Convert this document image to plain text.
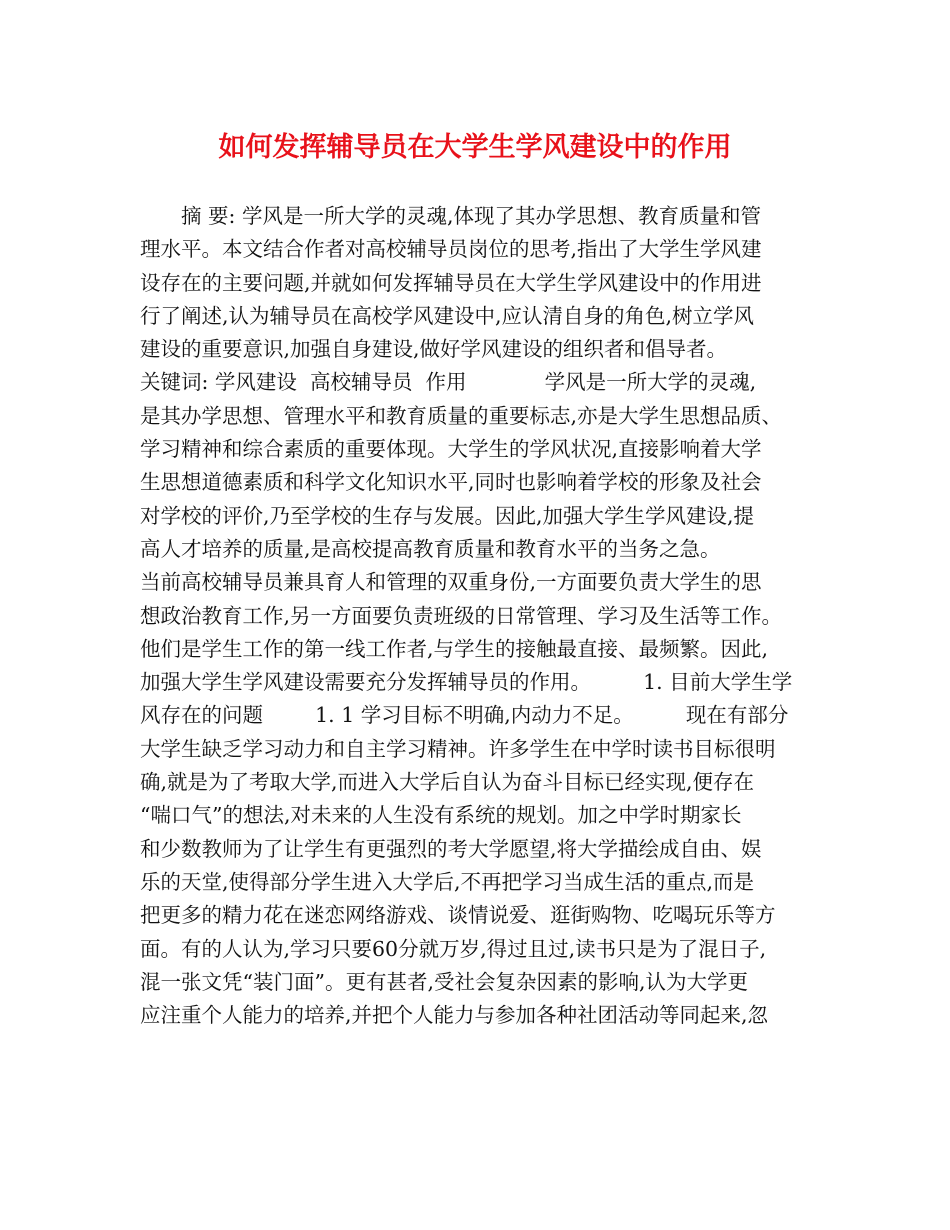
如何发挥辅导员在大学生学风建设中的作用
　　摘 要: 学风是一所大学的灵魂,体现了其办学思想、教育质量和管
理水平。本文结合作者对高校辅导员岗位的思考,指出了大学生学风建
设存在的主要问题,并就如何发挥辅导员在大学生学风建设中的作用进
行了阐述,认为辅导员在高校学风建设中,应认清自身的角色,树立学风
建设的重要意识,加强自身建设,做好学风建设的组织者和倡导者。
关键词: 学风建设  高校辅导员  作用            学风是一所大学的灵魂,
是其办学思想、管理水平和教育质量的重要标志,亦是大学生思想品质、
学习精神和综合素质的重要体现。大学生的学风状况,直接影响着大学
生思想道德素质和科学文化知识水平,同时也影响着学校的形象及社会
对学校的评价,乃至学校的生存与发展。因此,加强大学生学风建设,提
高人才培养的质量,是高校提高教育质量和教育水平的当务之急。
当前高校辅导员兼具育人和管理的双重身份,一方面要负责大学生的思
想政治教育工作,另一方面要负责班级的日常管理、学习及生活等工作。
他们是学生工作的第一线工作者,与学生的接触最直接、最频繁。因此,
加强大学生学风建设需要充分发挥辅导员的作用。        1. 目前大学生学
风存在的问题        1. 1 学习目标不明确,内动力不足。        现在有部分
大学生缺乏学习动力和自主学习精神。许多学生在中学时读书目标很明
确,就是为了考取大学,而进入大学后自认为奋斗目标已经实现,便存在
“喘口气”的想法,对未来的人生没有系统的规划。加之中学时期家长
和少数教师为了让学生有更强烈的考大学愿望,将大学描绘成自由、娱
乐的天堂,使得部分学生进入大学后,不再把学习当成生活的重点,而是
把更多的精力花在迷恋网络游戏、谈情说爱、逛街购物、吃喝玩乐等方
面。有的人认为,学习只要60分就万岁,得过且过,读书只是为了混日子,
混一张文凭“装门面”。更有甚者,受社会复杂因素的影响,认为大学更
应注重个人能力的培养,并把个人能力与参加各种社团活动等同起来,忽
